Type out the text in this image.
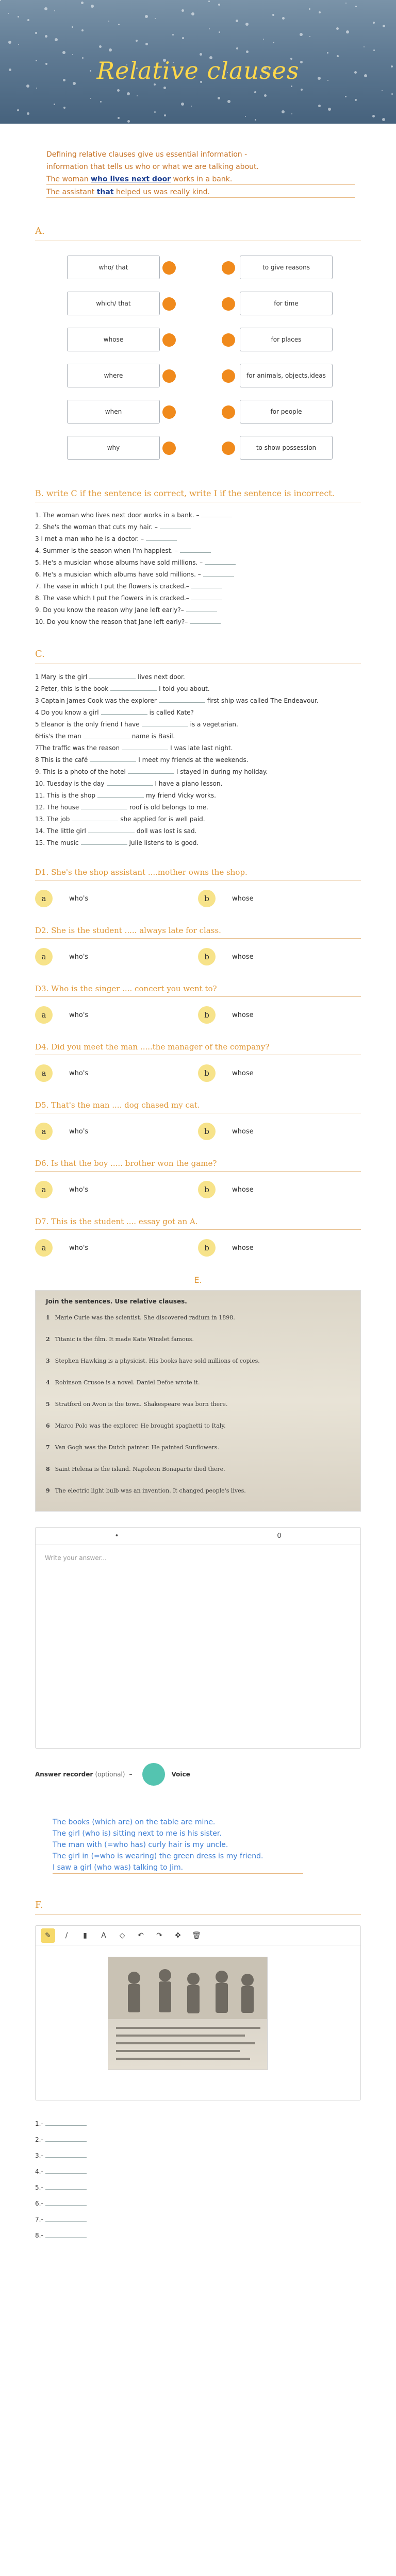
Relative clauses

Defining relative clauses give us essential information -

information that tells us who or what we are talking about.

The woman who lives next door works in a bank.

The assistant that helped us was really kind.

A.
who/ that	to give reasons
which/ that	for time
whose	for places
where	for animals, objects,ideas
when	for people
why	to show possession
B. write C if the sentence is correct, write I if the sentence is incorrect.
1. The woman who lives next door works in a bank. –
2. She's the woman that cuts my hair. –
3 I met a man who he is a doctor. –
4. Summer is the season when I'm happiest. –
5. He's a musician whose albums have sold millions. –
6. He's a musician which albums have sold millions. –
7. The vase in which I put the flowers is cracked.–
8. The vase which I put the flowers in is cracked.–
9. Do you know the reason why Jane left early?–
10. Do you know the reason that Jane left early?–
C.
1 Mary is the girl	lives next door.
2 Peter, this is the book	I told you about.
3 Captain James Cook was the explorer	first ship was called The Endeavour.
4 Do you know a girl	is called Kate?
5 Eleanor is the only friend I have	is a vegetarian.
6His's the man	name is Basil.
7The traffic was the reason	I was late last night.
8 This is the café	I meet my friends at the weekends.
9. This is a photo of the hotel	I stayed in during my holiday.
10. Tuesday is the day	I have a piano lesson.
11. This is the shop	my friend Vicky works.
12. The house	roof is old belongs to me.
13. The job	she applied for is well paid.
14. The little girl	doll was lost is sad.
15. The music	Julie listens to is good.
D1. She's the shop assistant ....mother owns the shop.
a	who's	b	whose
D2. She is the student ..... always late for class.
a	who's	b	whose
D3. Who is the singer .... concert you went to?
a	who's	b	whose
D4. Did you meet the man .....the manager of the company?
a	who's	b	whose
D5. That's the man .... dog chased my cat.
a	who's	b	whose
D6. Is that the boy ..... brother won the game?
a	who's	b	whose
D7. This is the student .... essay got an A.
a	who's	b	whose
E.
Join the sentences. Use relative clauses.
1 Marie Curie was the scientist. She discovered radium in 1898.
2 Titanic is the film. It made Kate Winslet famous.
3 Stephen Hawking is a physicist. His books have sold millions of copies.
4 Robinson Crusoe is a novel. Daniel Defoe wrote it.
5 Stratford on Avon is the town. Shakespeare was born there.
6 Marco Polo was the explorer. He brought spaghetti to Italy.
7 Van Gogh was the Dutch painter. He painted Sunflowers.
8 Saint Helena is the island. Napoleon Bonaparte died there.
9 The electric light bulb was an invention. It changed people's lives.
•	0
Write your answer...
Answer recorder (optional) –	Voice
The books (which are) on the table are mine.
The girl (who is) sitting next to me is his sister.
The man with (=who has) curly hair is my uncle.
The girl in (=who is wearing) the green dress is my friend.
I saw a girl (who was) talking to Jim.
F.
✎	/	▮	A	◇	↶	↷	✥	🗑
1.-
2.-
3.-
4.-
5.-
6.-
7.-
8.-
